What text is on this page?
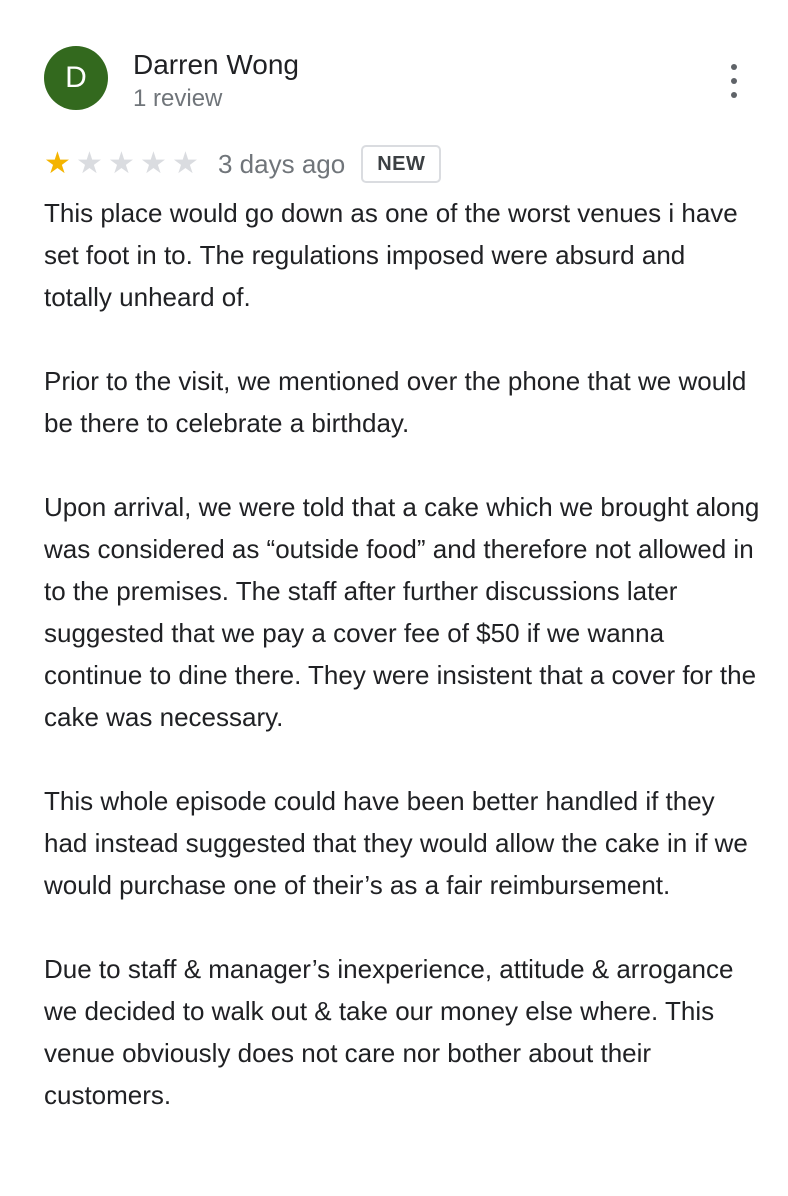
D	Darren Wong
1 review
★ ★ ★ ★ ★ 3 days ago	NEW

This place would go down as one of the worst venues i have set foot in to. The regulations imposed were absurd and totally unheard of.

Prior to the visit, we mentioned over the phone that we would be there to celebrate a birthday.

Upon arrival, we were told that a cake which we brought along was considered as “outside food” and therefore not allowed in to the premises. The staff after further discussions later suggested that we pay a cover fee of $50 if we wanna continue to dine there. They were insistent that a cover for the cake was necessary.

This whole episode could have been better handled if they had instead suggested that they would allow the cake in if we would purchase one of their’s as a fair reimbursement.

Due to staff & manager’s inexperience, attitude & arrogance we decided to walk out & take our money else where. This venue obviously does not care nor bother about their customers.
